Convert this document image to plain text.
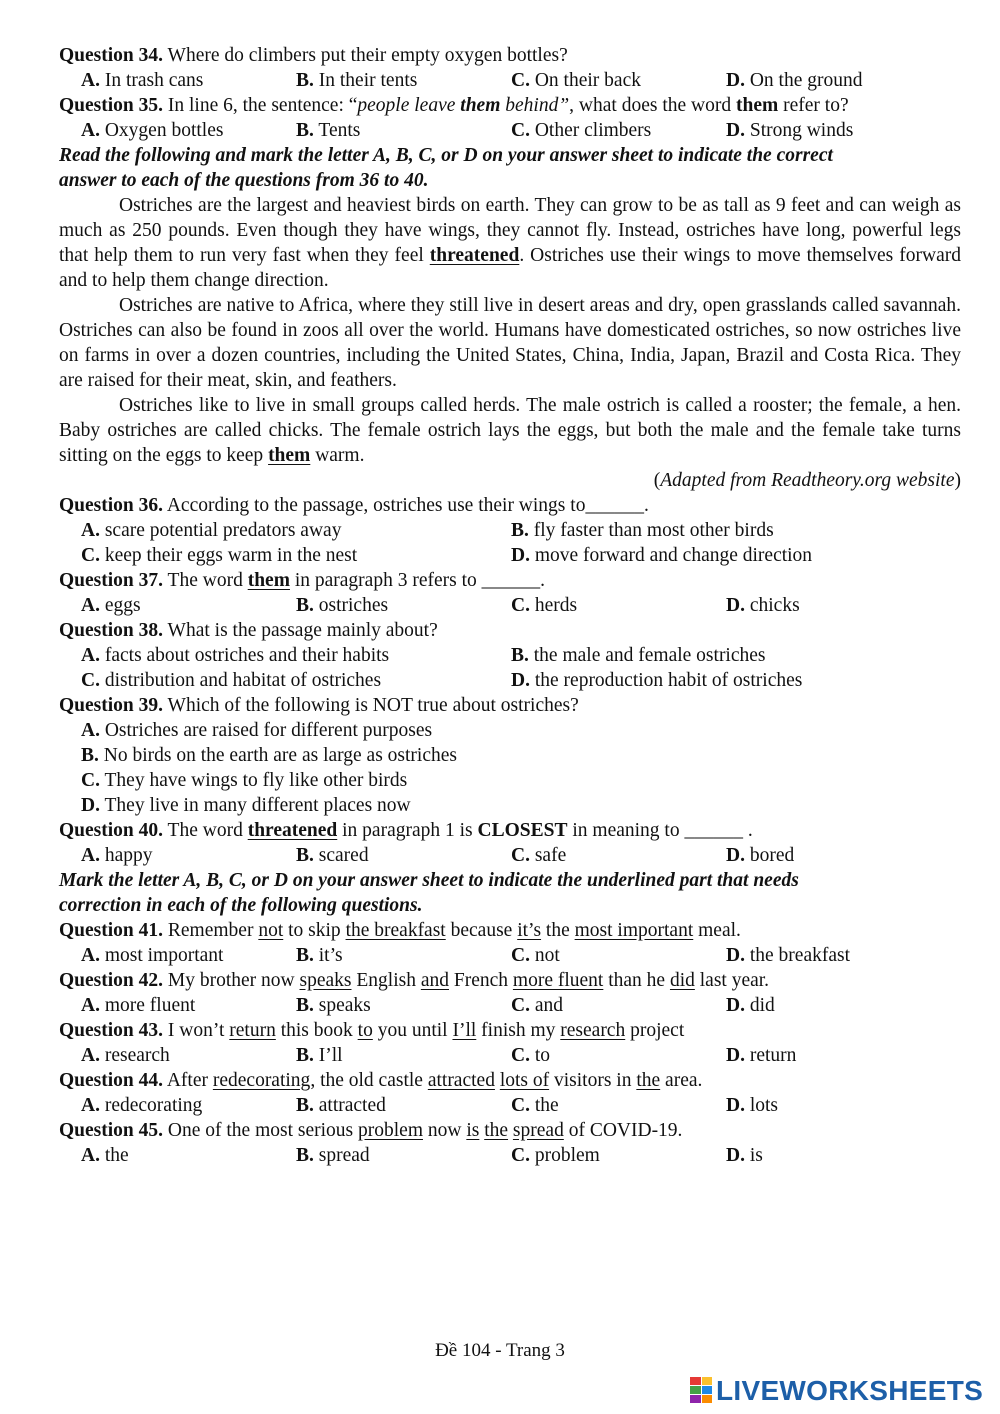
Question 34. Where do climbers put their empty oxygen bottles?
A. In trash cans	B. In their tents	C. On their back	D. On the ground
Question 35. In line 6, the sentence: “people leave them behind”, what does the word them refer to?
A. Oxygen bottles	B. Tents	C. Other climbers	D. Strong winds
Read the following and mark the letter A, B, C, or D on your answer sheet to indicate the correct
answer to each of the questions from 36 to 40.

Ostriches are the largest and heaviest birds on earth. They can grow to be as tall as 9 feet and can weigh as much as 250 pounds. Even though they have wings, they cannot fly. Instead, ostriches have long, powerful legs that help them to run very fast when they feel threatened. Ostriches use their wings to move themselves forward and to help them change direction.

Ostriches are native to Africa, where they still live in desert areas and dry, open grasslands called savannah. Ostriches can also be found in zoos all over the world. Humans have domesticated ostriches, so now ostriches live on farms in over a dozen countries, including the United States, China, India, Japan, Brazil and Costa Rica. They are raised for their meat, skin, and feathers.

Ostriches like to live in small groups called herds. The male ostrich is called a rooster; the female, a hen. Baby ostriches are called chicks. The female ostrich lays the eggs, but both the male and the female take turns sitting on the eggs to keep them warm.

(Adapted from Readtheory.org website)
Question 36. According to the passage, ostriches use their wings to______.
A. scare potential predators away	B. fly faster than most other birds
C. keep their eggs warm in the nest	D. move forward and change direction
Question 37. The word them in paragraph 3 refers to ______.
A. eggs	B. ostriches	C. herds	D. chicks
Question 38. What is the passage mainly about?
A. facts about ostriches and their habits	B. the male and female ostriches
C. distribution and habitat of ostriches	D. the reproduction habit of ostriches
Question 39. Which of the following is NOT true about ostriches?
A. Ostriches are raised for different purposes
B. No birds on the earth are as large as ostriches
C. They have wings to fly like other birds
D. They live in many different places now
Question 40. The word threatened in paragraph 1 is CLOSEST in meaning to ______ .
A. happy	B. scared	C. safe	D. bored
Mark the letter A, B, C, or D on your answer sheet to indicate the underlined part that needs
correction in each of the following questions.
Question 41. Remember not to skip the breakfast because it’s the most important meal.
A. most important	B. it’s	C. not	D. the breakfast
Question 42. My brother now speaks English and French more fluent than he did last year.
A. more fluent	B. speaks	C. and	D. did
Question 43. I won’t return this book to you until I’ll finish my research project
A. research	B. I’ll	C. to	D. return
Question 44. After redecorating, the old castle attracted lots of visitors in the area.
A. redecorating	B. attracted	C. the	D. lots
Question 45. One of the most serious problem now is the spread of COVID-19.
A. the	B. spread	C. problem	D. is
Đề 104 - Trang 3
LIVEWORKSHEETS
